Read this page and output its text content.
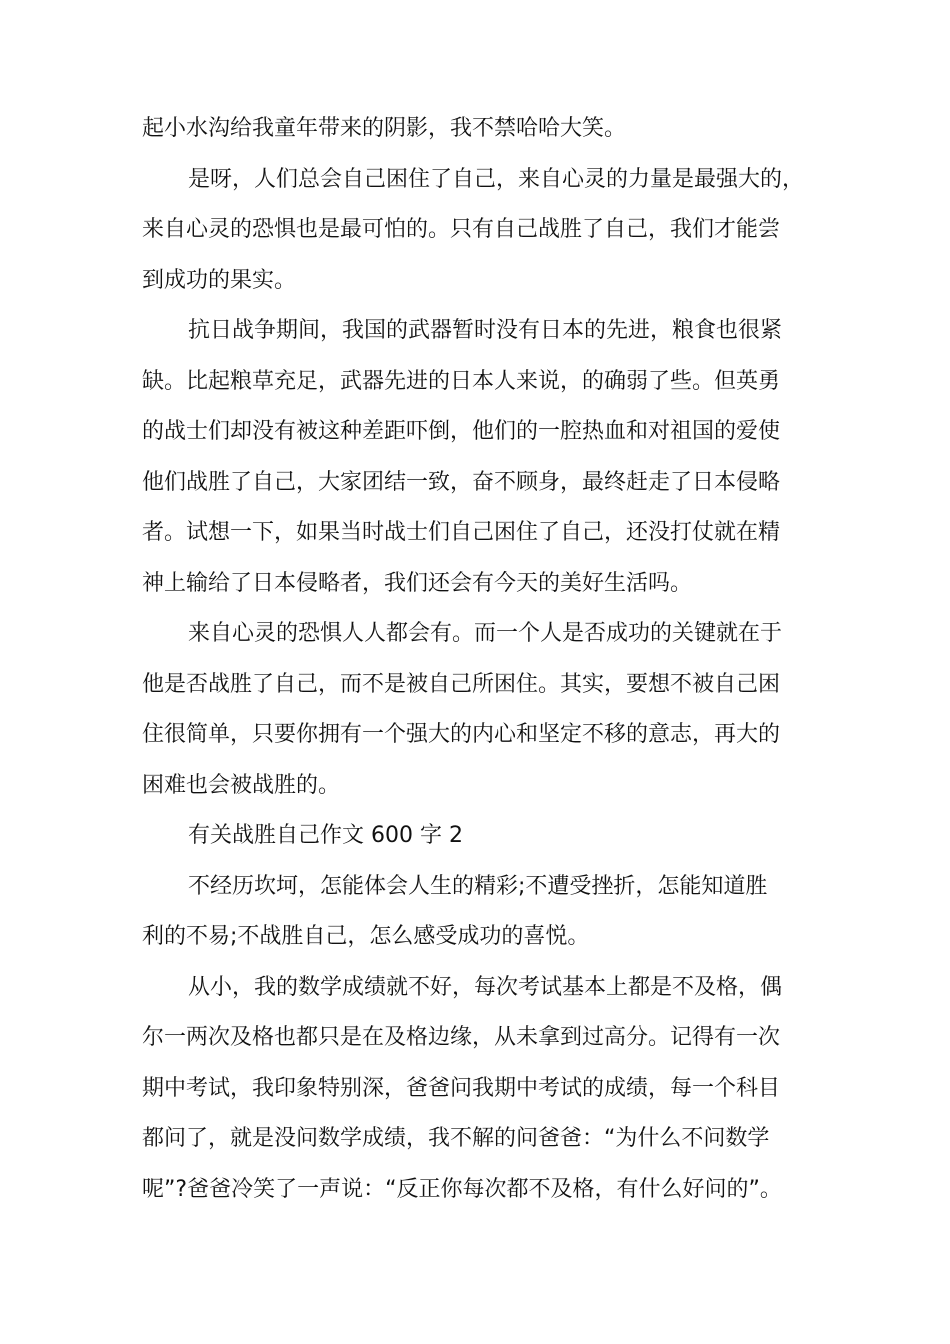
起小水沟给我童年带来的阴影，我不禁哈哈大笑。
是呀，人们总会自己困住了自己，来自心灵的力量是最强大的，
来自心灵的恐惧也是最可怕的。只有自己战胜了自己，我们才能尝
到成功的果实。
抗日战争期间，我国的武器暂时没有日本的先进，粮食也很紧
缺。比起粮草充足，武器先进的日本人来说，的确弱了些。但英勇
的战士们却没有被这种差距吓倒，他们的一腔热血和对祖国的爱使
他们战胜了自己，大家团结一致，奋不顾身，最终赶走了日本侵略
者。试想一下，如果当时战士们自己困住了自己，还没打仗就在精
神上输给了日本侵略者，我们还会有今天的美好生活吗。
来自心灵的恐惧人人都会有。而一个人是否成功的关键就在于
他是否战胜了自己，而不是被自己所困住。其实，要想不被自己困
住很简单，只要你拥有一个强大的内心和坚定不移的意志，再大的
困难也会被战胜的。
有关战胜自己作文 600 字 2
不经历坎坷，怎能体会人生的精彩;不遭受挫折，怎能知道胜
利的不易;不战胜自己，怎么感受成功的喜悦。
从小，我的数学成绩就不好，每次考试基本上都是不及格，偶
尔一两次及格也都只是在及格边缘，从未拿到过高分。记得有一次
期中考试，我印象特别深，爸爸问我期中考试的成绩，每一个科目
都问了，就是没问数学成绩，我不解的问爸爸：“为什么不问数学
呢”?爸爸冷笑了一声说：“反正你每次都不及格，有什么好问的”。
